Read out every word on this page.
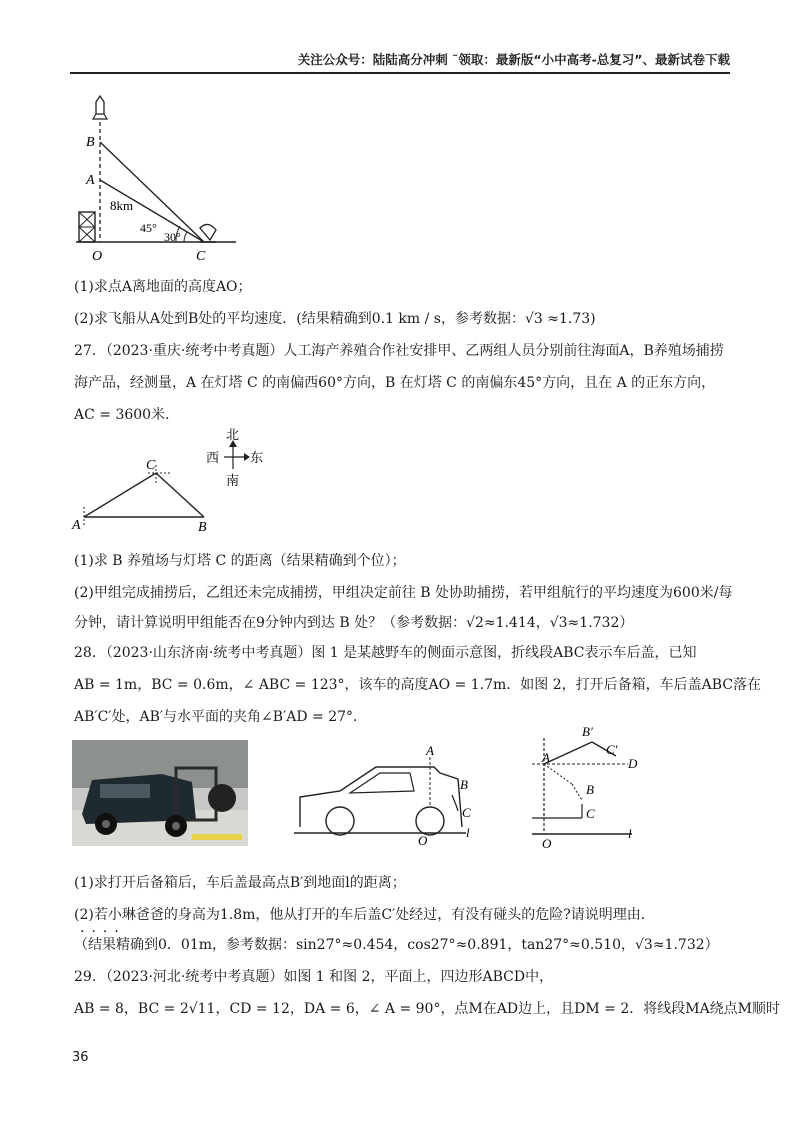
关注公众号：陆陆高分冲刺 ˜领取：最新版“小中高考-总复习”、最新试卷下载
B
A
O	C
8km
45°
30°
(1)求点A离地面的高度AO；
(2)求飞船从A处到B处的平均速度．(结果精确到0.1 km / s，参考数据：√3 ≈1.73)
27．（2023·重庆·统考中考真题）人工海产养殖合作社安排甲、乙两组人员分别前往海面A，B养殖场捕捞
海产品，经测量，A 在灯塔 C 的南偏西60°方向，B 在灯塔 C 的南偏东45°方向，且在 A 的正东方向，
AC = 3600米．
C
A	B
北
西 东
南
(1)求 B 养殖场与灯塔 C 的距离（结果精确到个位）；
(2)甲组完成捕捞后，乙组还未完成捕捞，甲组决定前往 B 处协助捕捞，若甲组航行的平均速度为600米/每
分钟，请计算说明甲组能否在9分钟内到达 B 处？（参考数据：√2≈1.414，√3≈1.732）
28．（2023·山东济南·统考中考真题）图 1 是某越野车的侧面示意图，折线段ABC表示车后盖，已知
AB = 1m，BC = 0.6m，∠ ABC = 123°，该车的高度AO = 1.7m．如图 2，打开后备箱，车后盖ABC落在
AB′C′处，AB′与水平面的夹角∠B′AD = 27°．
A
B
C
O
l
A
B′
C′
D
B
C
O
l
(1)求打开后备箱后，车后盖最高点B′到地面l的距离；
(2)若小琳爸爸的身高为1.8m，他从打开的车后盖C′处经过，有没有碰头的危险?请说明理由．
....
（结果精确到0．01m，参考数据：sin27°≈0.454，cos27°≈0.891，tan27°≈0.510，√3≈1.732）
29．（2023·河北·统考中考真题）如图 1 和图 2，平面上，四边形ABCD中，
AB = 8，BC = 2√11，CD = 12，DA = 6，∠ A = 90°，点M在AD边上，且DM = 2．将线段MA绕点M顺时
36
